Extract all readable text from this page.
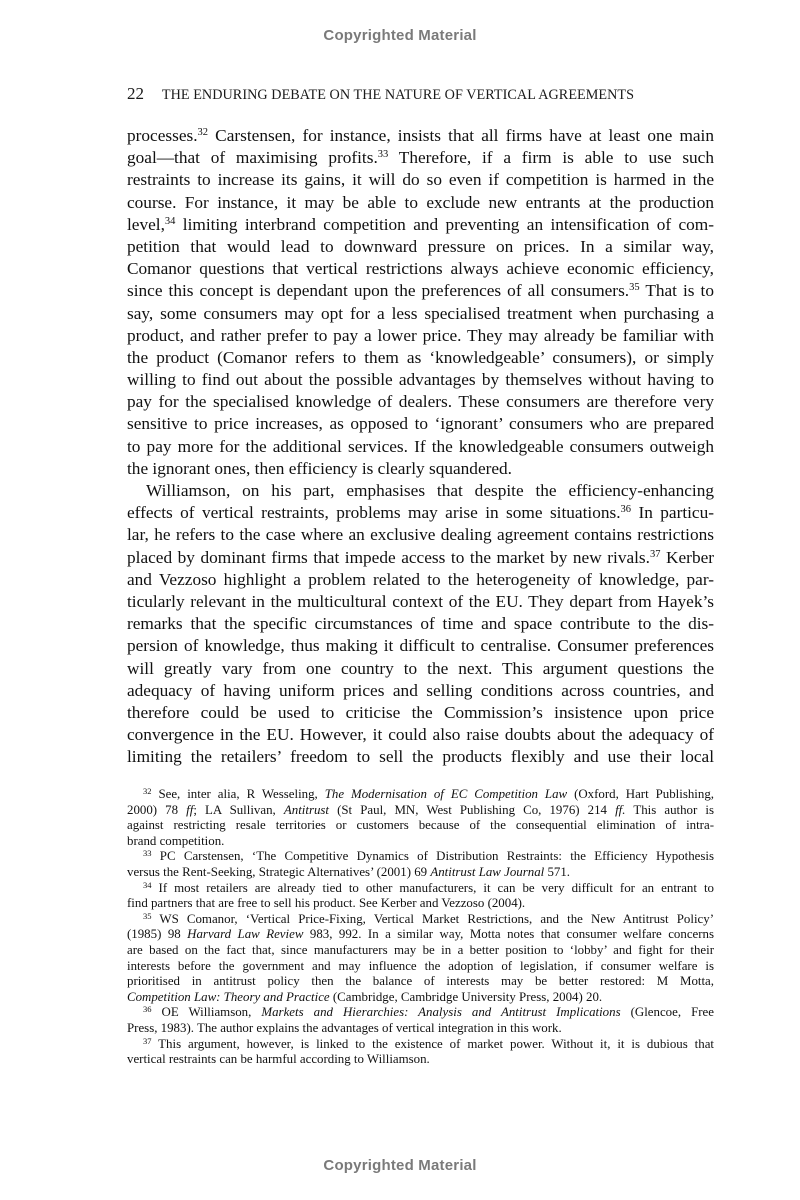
Copyrighted Material
22 THE ENDURING DEBATE ON THE NATURE OF VERTICAL AGREEMENTS
processes.$^{32}$ Carstensen, for instance, insists that all firms have at least one main
goal—that of maximising profits.$^{33}$ Therefore, if a firm is able to use such
restraints to increase its gains, it will do so even if competition is harmed in the
course. For instance, it may be able to exclude new entrants at the production
level,$^{34}$ limiting interbrand competition and preventing an intensification of com-
petition that would lead to downward pressure on prices. In a similar way,
Comanor questions that vertical restrictions always achieve economic efficiency,
since this concept is dependant upon the preferences of all consumers.$^{35}$ That is to
say, some consumers may opt for a less specialised treatment when purchasing a
product, and rather prefer to pay a lower price. They may already be familiar with
the product (Comanor refers to them as ‘knowledgeable’ consumers), or simply
willing to find out about the possible advantages by themselves without having to
pay for the specialised knowledge of dealers. These consumers are therefore very
sensitive to price increases, as opposed to ‘ignorant’ consumers who are prepared
to pay more for the additional services. If the knowledgeable consumers outweigh
the ignorant ones, then efficiency is clearly squandered.
Williamson, on his part, emphasises that despite the efficiency-enhancing
effects of vertical restraints, problems may arise in some situations.$^{36}$ In particu-
lar, he refers to the case where an exclusive dealing agreement contains restrictions
placed by dominant firms that impede access to the market by new rivals.$^{37}$ Kerber
and Vezzoso highlight a problem related to the heterogeneity of knowledge, par-
ticularly relevant in the multicultural context of the EU. They depart from Hayek’s
remarks that the specific circumstances of time and space contribute to the dis-
persion of knowledge, thus making it difficult to centralise. Consumer preferences
will greatly vary from one country to the next. This argument questions the
adequacy of having uniform prices and selling conditions across countries, and
therefore could be used to criticise the Commission’s insistence upon price
convergence in the EU. However, it could also raise doubts about the adequacy of
limiting the retailers’ freedom to sell the products flexibly and use their local
$^{32}$ See, inter alia, R Wesseling, The Modernisation of EC Competition Law (Oxford, Hart Publishing,
2000) 78 ff; LA Sullivan, Antitrust (St Paul, MN, West Publishing Co, 1976) 214 ff. This author is
against restricting resale territories or customers because of the consequential elimination of intra-
brand competition.
$^{33}$ PC Carstensen, ‘The Competitive Dynamics of Distribution Restraints: the Efficiency Hypothesis
versus the Rent-Seeking, Strategic Alternatives’ (2001) 69 Antitrust Law Journal 571.
$^{34}$ If most retailers are already tied to other manufacturers, it can be very difficult for an entrant to
find partners that are free to sell his product. See Kerber and Vezzoso (2004).
$^{35}$ WS Comanor, ‘Vertical Price-Fixing, Vertical Market Restrictions, and the New Antitrust Policy’
(1985) 98 Harvard Law Review 983, 992. In a similar way, Motta notes that consumer welfare concerns
are based on the fact that, since manufacturers may be in a better position to ‘lobby’ and fight for their
interests before the government and may influence the adoption of legislation, if consumer welfare is
prioritised in antitrust policy then the balance of interests may be better restored: M Motta,
Competition Law: Theory and Practice (Cambridge, Cambridge University Press, 2004) 20.
$^{36}$ OE Williamson, Markets and Hierarchies: Analysis and Antitrust Implications (Glencoe, Free
Press, 1983). The author explains the advantages of vertical integration in this work.
$^{37}$ This argument, however, is linked to the existence of market power. Without it, it is dubious that
vertical restraints can be harmful according to Williamson.
Copyrighted Material
